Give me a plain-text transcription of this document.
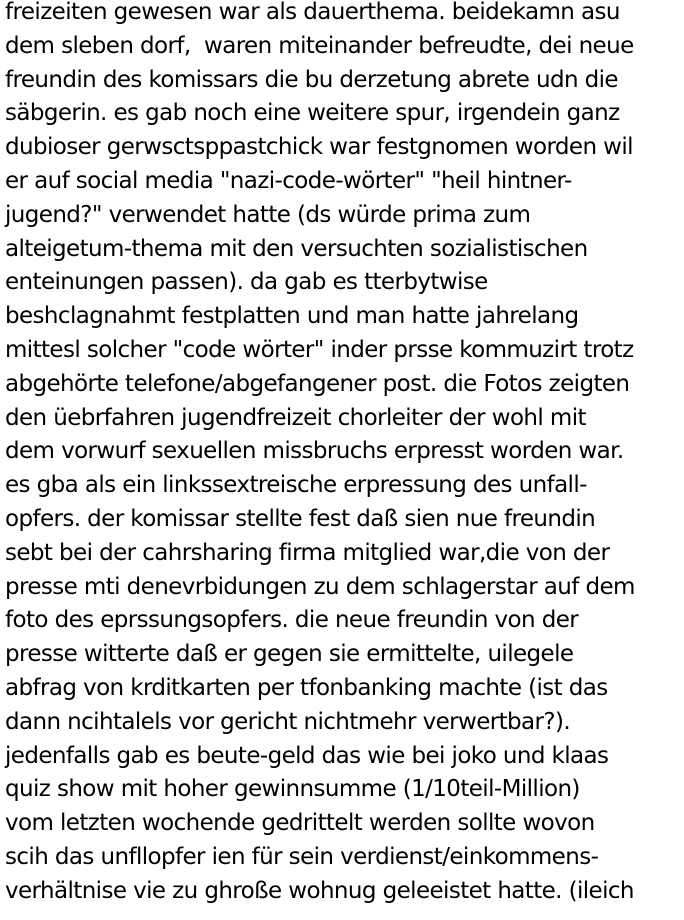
freizeiten gewesen war als dauerthema. beidekamn asu
dem sleben dorf,  waren miteinander befreudte, dei neue
freundin des komissars die bu derzetung abrete udn die
säbgerin. es gab noch eine weitere spur, irgendein ganz
dubioser gerwsctsppastchick war festgnomen worden wil
er auf social media "nazi-code-wörter" "heil hintner-
jugend?" verwendet hatte (ds würde prima zum
alteigetum-thema mit den versuchten sozialistischen
enteinungen passen). da gab es tterbytwise
beshclagnahmt festplatten und man hatte jahrelang
mittesl solcher "code wörter" inder prsse kommuzirt trotz
abgehörte telefone/abgefangener post. die Fotos zeigten
den üebrfahren jugendfreizeit chorleiter der wohl mit
dem vorwurf sexuellen missbruchs erpresst worden war.
es gba als ein linkssextreische erpressung des unfall-
opfers. der komissar stellte fest daß sien nue freundin
sebt bei der cahrsharing firma mitglied war,die von der
presse mti denevrbidungen zu dem schlagerstar auf dem
foto des eprssungsopfers. die neue freundin von der
presse witterte daß er gegen sie ermittelte, uilegele
abfrag von krditkarten per tfonbanking machte (ist das
dann ncihtalels vor gericht nichtmehr verwertbar?).
jedenfalls gab es beute-geld das wie bei joko und klaas
quiz show mit hoher gewinnsumme (1/10teil-Million)
vom letzten wochende gedrittelt werden sollte wovon
scih das unfllopfer ien für sein verdienst/einkommens-
verhältnise vie zu ghroße wohnug geleeistet hatte. (ileich
